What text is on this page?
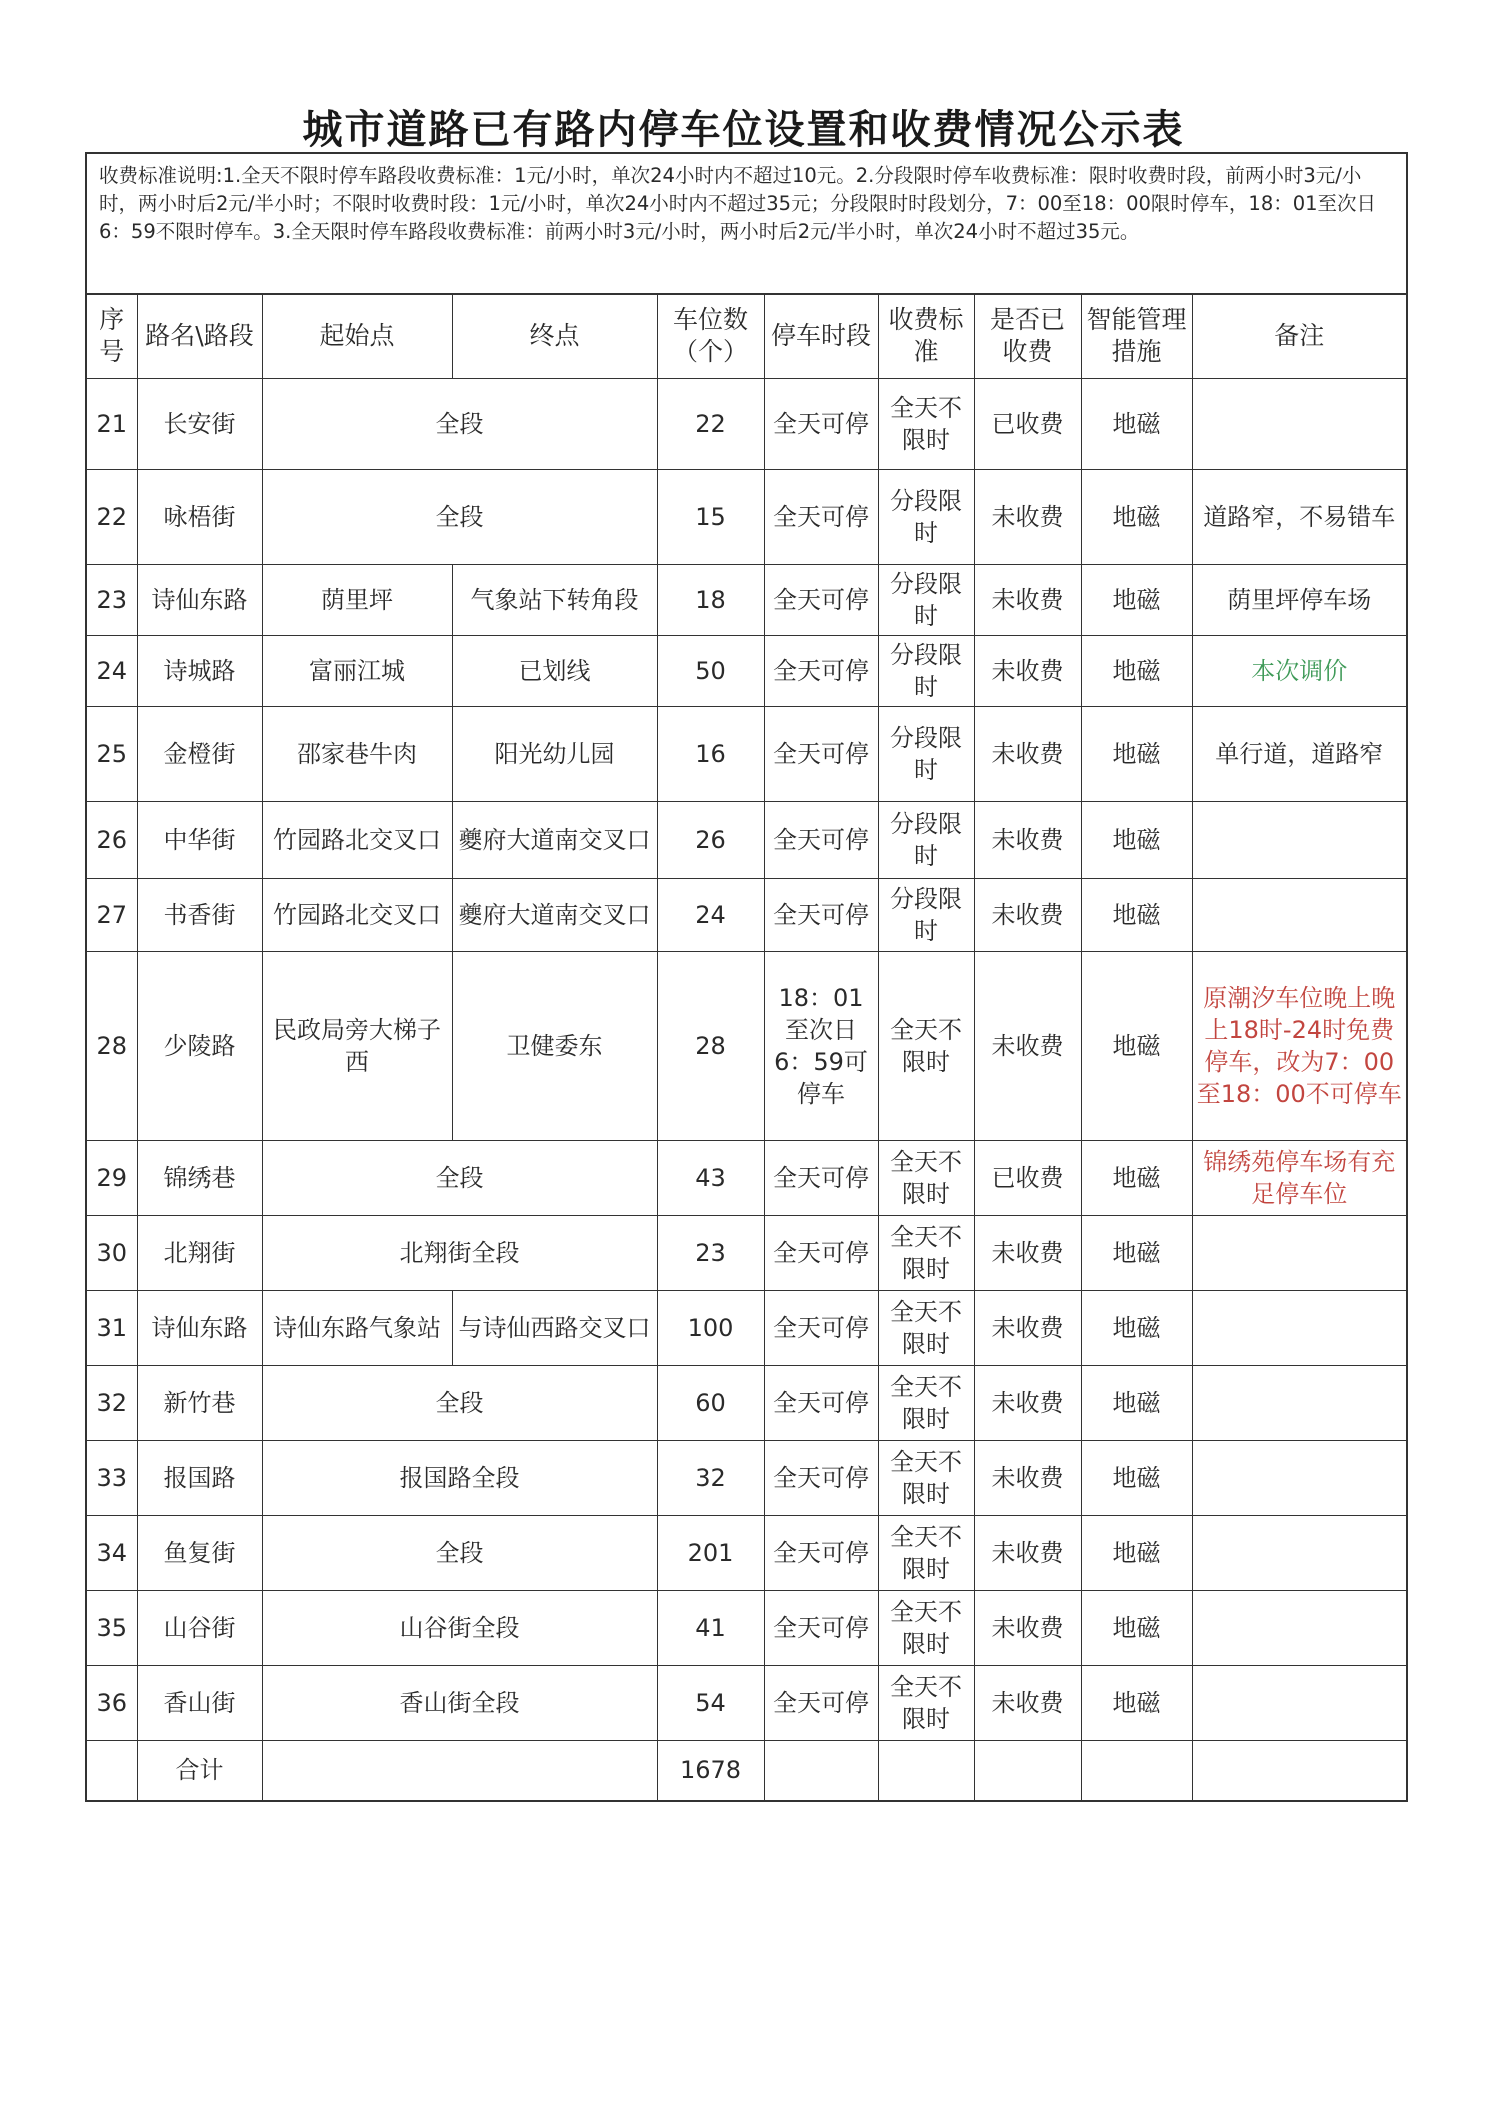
城市道路已有路内停车位设置和收费情况公示表
收费标准说明:1.全天不限时停车路段收费标准：1元/小时，单次24小时内不超过10元。2.分段限时停车收费标准：限时收费时段，前两小时3元/小时，两小时后2元/半小时；不限时收费时段：1元/小时，单次24小时内不超过35元；分段限时时段划分，7：00至18：00限时停车，18：01至次日6：59不限时停车。3.全天限时停车路段收费标准：前两小时3元/小时，两小时后2元/半小时，单次24小时不超过35元。
序号	路名\路段	起始点	终点	车位数（个）	停车时段	收费标准	是否已收费	智能管理措施	备注
21	长安街	全段		22	全天可停	全天不限时	已收费	地磁	
22	咏梧街	全段		15	全天可停	分段限时	未收费	地磁	道路窄，不易错车
23	诗仙东路	荫里坪	气象站下转角段	18	全天可停	分段限时	未收费	地磁	荫里坪停车场
24	诗城路	富丽江城	已划线	50	全天可停	分段限时	未收费	地磁	本次调价
25	金橙街	邵家巷牛肉	阳光幼儿园	16	全天可停	分段限时	未收费	地磁	单行道，道路窄
26	中华街	竹园路北交叉口	夔府大道南交叉口	26	全天可停	分段限时	未收费	地磁	
27	书香街	竹园路北交叉口	夔府大道南交叉口	24	全天可停	分段限时	未收费	地磁	
28	少陵路	民政局旁大梯子西	卫健委东	28	18：01至次日6：59可停车	全天不限时	未收费	地磁	原潮汐车位晚上晚上18时-24时免费停车，改为7：00至18：00不可停车
29	锦绣巷	全段		43	全天可停	全天不限时	已收费	地磁	锦绣苑停车场有充足停车位
30	北翔街	北翔街全段		23	全天可停	全天不限时	未收费	地磁	
31	诗仙东路	诗仙东路气象站	与诗仙西路交叉口	100	全天可停	全天不限时	未收费	地磁	
32	新竹巷	全段		60	全天可停	全天不限时	未收费	地磁	
33	报国路	报国路全段		32	全天可停	全天不限时	未收费	地磁	
34	鱼复街	全段		201	全天可停	全天不限时	未收费	地磁	
35	山谷街	山谷街全段		41	全天可停	全天不限时	未收费	地磁	
36	香山街	香山街全段		54	全天可停	全天不限时	未收费	地磁	
	合计			1678					
